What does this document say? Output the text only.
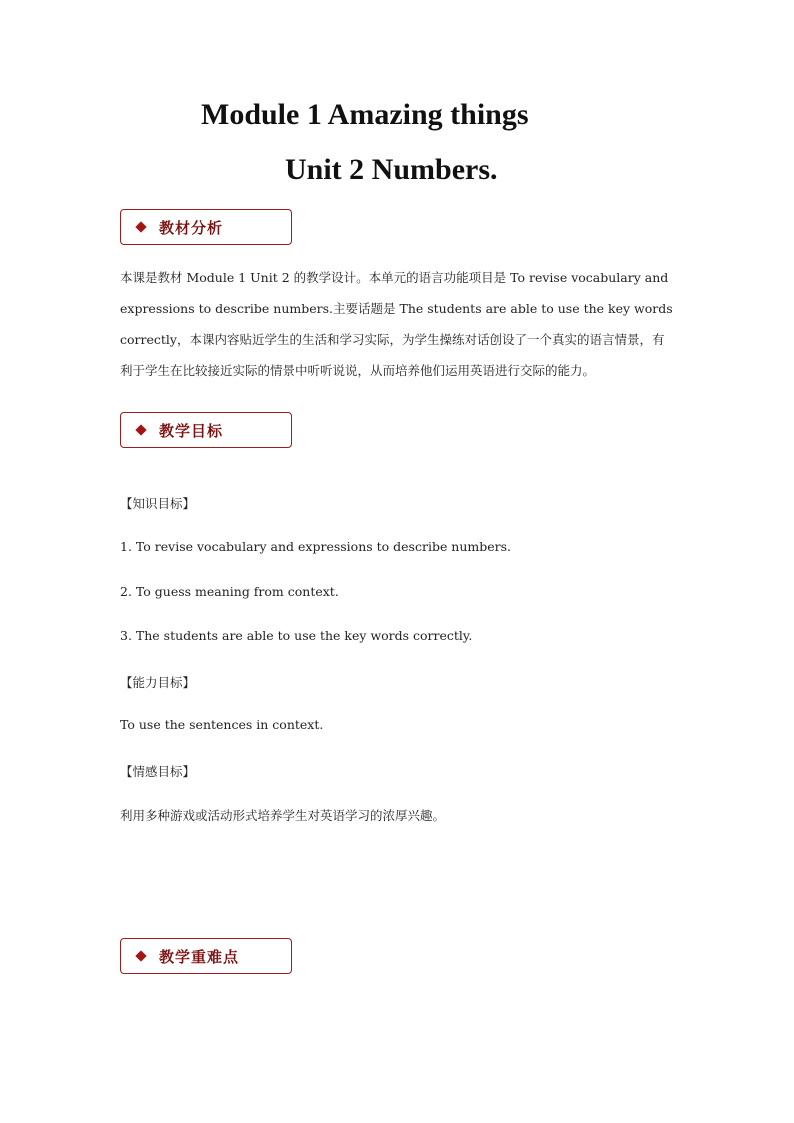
Module 1 Amazing things
Unit 2 Numbers.
教材分析

本课是教材 Module 1 Unit 2 的教学设计。本单元的语言功能项目是 To revise vocabulary and expressions to describe numbers.主要话题是 The students are able to use the key words correctly，本课内容贴近学生的生活和学习实际，为学生操练对话创设了一个真实的语言情景，有利于学生在比较接近实际的情景中听听说说，从而培养他们运用英语进行交际的能力。

教学目标

【知识目标】

1. To revise vocabulary and expressions to describe numbers.

2. To guess meaning from context.

3. The students are able to use the key words correctly.

【能力目标】

To use the sentences in context.

【情感目标】

利用多种游戏或活动形式培养学生对英语学习的浓厚兴趣。

教学重难点
